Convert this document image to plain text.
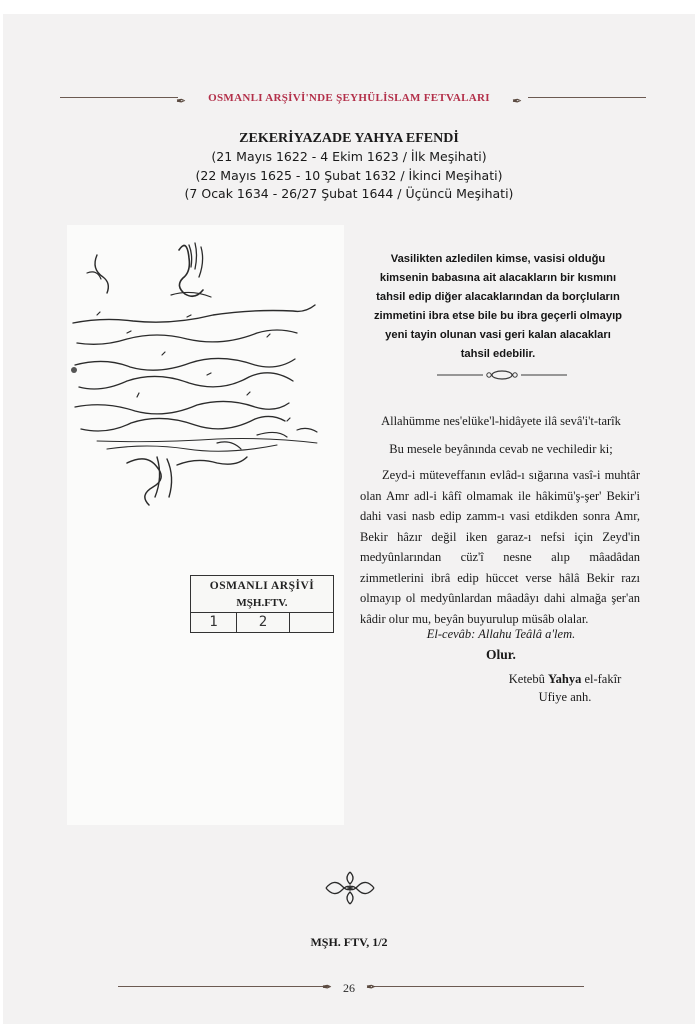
✒	✒
OSMANLI ARŞİVİ'NDE ŞEYHÜLİSLAM FETVALARI
ZEKERİYAZADE YAHYA EFENDİ
(21 Mayıs 1622 - 4 Ekim 1623 / İlk Meşihati)
(22 Mayıs 1625 - 10 Şubat 1632 / İkinci Meşihati)
(7 Ocak 1634 - 26/27 Şubat 1644 / Üçüncü Meşihati)
OSMANLI ARŞİVİ
MŞH.FTV.
1	2
Vasilikten azledilen kimse, vasisi olduğu
kimsenin babasına ait alacakların bir kısmını
tahsil edip diğer alacaklarından da borçluların
zimmetini ibra etse bile bu ibra geçerli olmayıp
yeni tayin olunan vasi geri kalan alacakları
tahsil edebilir.
Allahümme nes'elüke'l-hidâyete ilâ sevâ'i't-tarîk
Bu mesele beyânında cevab ne vechiledir ki;
Zeyd-i müteveffanın evlâd-ı sığarına vasî-i muhtâr olan Amr adl-i kâfî olmamak ile hâkimü'ş-şer' Bekir'i dahi vasi nasb edip zamm-ı vasi etdikden sonra Amr, Bekir hâzır değil iken garaz-ı nefsi için Zeyd'in medyûnlarından cüz'î nesne alıp mâadâdan zimmetlerini ibrâ edip hüccet verse hâlâ Bekir razı olmayıp ol medyûnlardan mâadâyı dahi almağa şer'an kâdir olur mu, beyân buyurulup müsâb olalar.
El-cevâb: Allahu Teâlâ a'lem.
Olur.
Ketebû Yahya el-fakîr
Ufiye anh.
MŞH. FTV, 1/2
✒	✒
26
